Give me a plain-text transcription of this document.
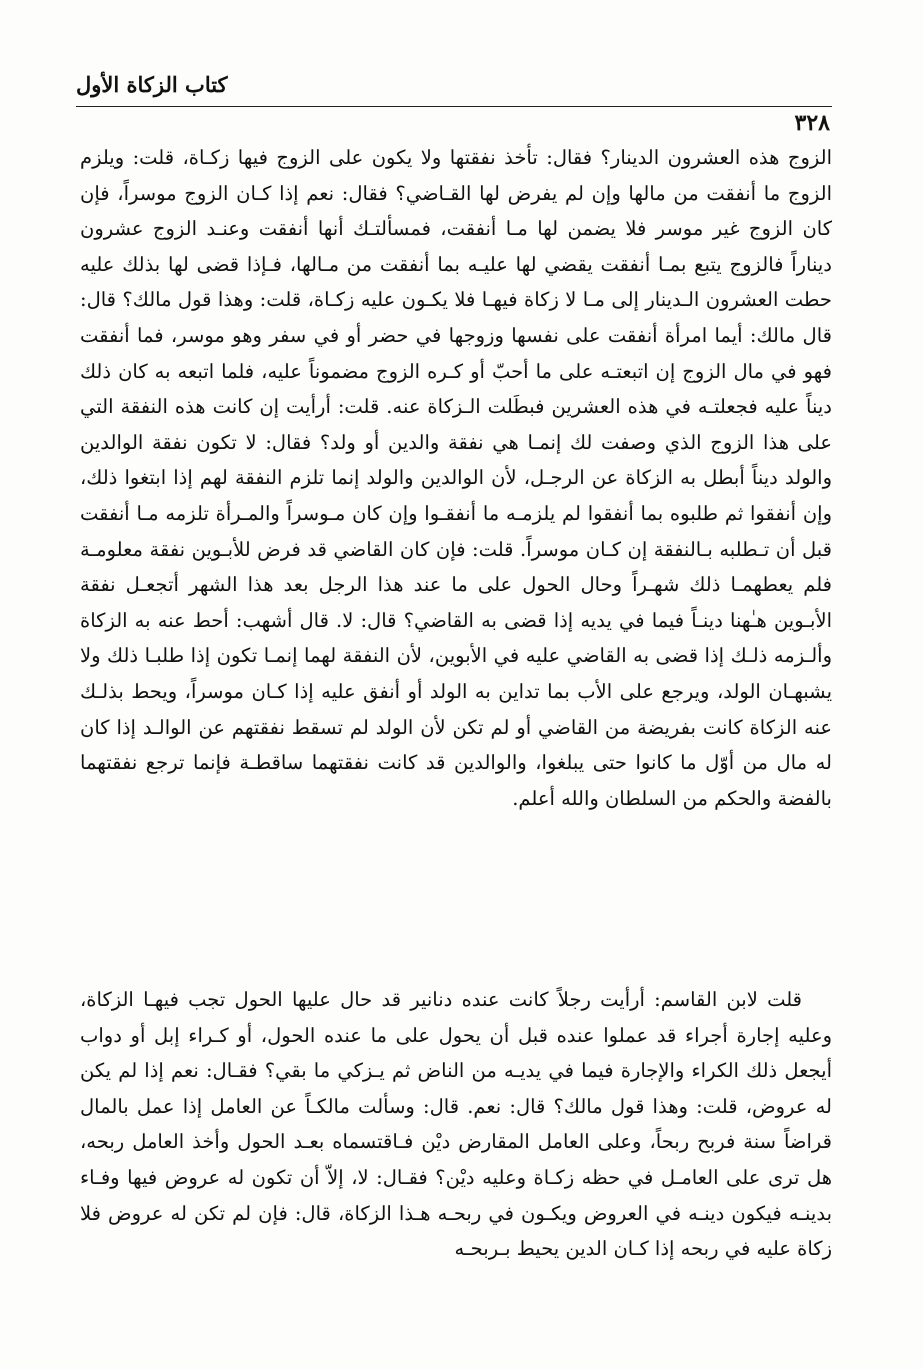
كتاب الزكاة الأول
٣٢٨

الزوج هذه العشرون الدينار؟ فقال: تأخذ نفقتها ولا يكون على الزوج فيها زكـاة، قلت: ويلزم الزوج ما أنفقت من مالها وإن لم يفرض لها القـاضي؟ فقال: نعم إذا كـان الزوج موسراً، فإن كان الزوج غير موسر فلا يضمن لها مـا أنفقت، فمسألتـك أنها أنفقت وعنـد الزوج عشرون ديناراً فالزوج يتبع بمـا أنفقت يقضي لها عليـه بما أنفقت من مـالها، فـإذا قضى لها بذلك عليه حطت العشرون الـدينار إلى مـا لا زكاة فيهـا فلا يكـون عليه زكـاة، قلت: وهذا قول مالك؟ قال: قال مالك: أيما امرأة أنفقت على نفسها وزوجها في حضر أو في سفر وهو موسر، فما أنفقت فهو في مال الزوج إن اتبعتـه على ما أحبّ أو كـره الزوج مضموناً عليه، فلما اتبعه به كان ذلك ديناً عليه فجعلتـه في هذه العشرين فبطَلت الـزكاة عنه. قلت: أرأيت إن كانت هذه النفقة التي على هذا الزوج الذي وصفت لك إنمـا هي نفقة والدين أو ولد؟ فقال: لا تكون نفقة الوالدين والولد ديناً أبطل به الزكاة عن الرجـل، لأن الوالدين والولد إنما تلزم النفقة لهم إذا ابتغوا ذلك، وإن أنفقوا ثم طلبوه بما أنفقوا لم يلزمـه ما أنفقـوا وإن كان مـوسراً والمـرأة تلزمه مـا أنفقت قبل أن تـطلبه بـالنفقة إن كـان موسراً. قلت: فإن كان القاضي قد فرض للأبـوين نفقة معلومـة فلم يعطهمـا ذلك شهـراً وحال الحول على ما عند هذا الرجل بعد هذا الشهر أتجعـل نفقة الأبـوين هـٰهنا دينـاً فيما في يديه إذا قضى به القاضي؟ قال: لا. قال أشهب: أحط عنه به الزكاة وألـزمه ذلـك إذا قضى به القاضي عليه في الأبوين، لأن النفقة لهما إنمـا تكون إذا طلبـا ذلك ولا يشبهـان الولد، ويرجع على الأب بما تداين به الولد أو أنفق عليه إذا كـان موسراً، ويحط بذلـك عنه الزكاة كانت بفريضة من القاضي أو لم تكن لأن الولد لم تسقط نفقتهم عن الوالـد إذا كان له مال من أوّل ما كانوا حتى يبلغوا، والوالدين قد كانت نفقتهما ساقطـة فإنما ترجع نفقتهما بالفضة والحكم من السلطان والله أعلم.

قلت لابن القاسم: أرأيت رجلاً كانت عنده دنانير قد حال عليها الحول تجب فيهـا الزكاة، وعليه إجارة أجراء قد عملوا عنده قبل أن يحول على ما عنده الحول، أو كـراء إبل أو دواب أيجعل ذلك الكراء والإجارة فيما في يديـه من الناض ثم يـزكي ما بقي؟ فقـال: نعم إذا لم يكن له عروض، قلت: وهذا قول مالك؟ قال: نعم. قال: وسألت مالكـاً عن العامل إذا عمل بالمال قراضاً سنة فربح ربحاً، وعلى العامل المقارض ديْن فـاقتسماه بعـد الحول وأخذ العامل ربحه، هل ترى على العامـل في حظه زكـاة وعليه ديْن؟ فقـال: لا، إلاّ أن تكون له عروض فيها وفـاء بدينـه فيكون دينـه في العروض ويكـون في ربحـه هـذا الزكاة، قال: فإن لم تكن له عروض فلا زكاة عليه في ربحه إذا كـان الدين يحيط بـربحـه
